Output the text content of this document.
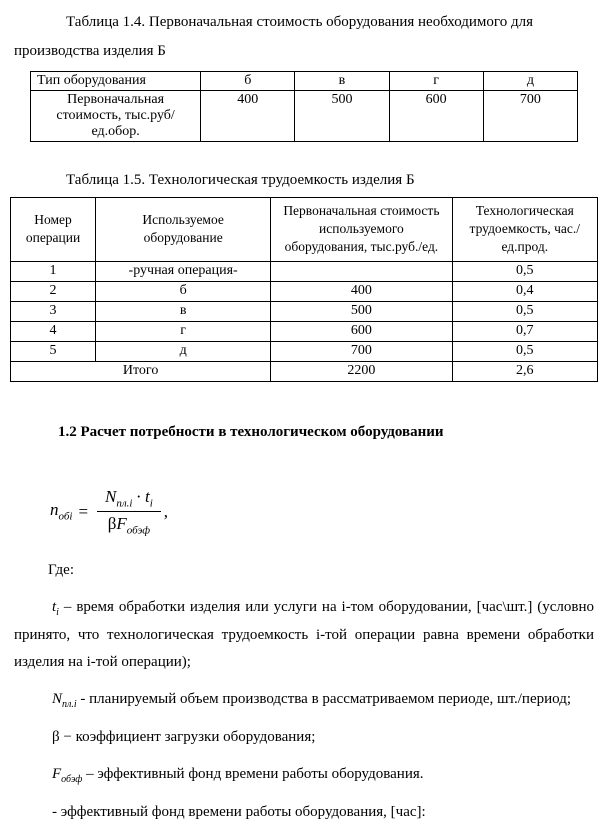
Таблица 1.4. Первоначальная стоимость оборудования необходимого для производства изделия Б

Тип оборудования	б	в	г	д
Первоначальная стоимость, тыс.руб/ед.обор.	400	500	600	700

Таблица 1.5. Технологическая трудоемкость изделия Б

Номер операции	Используемое оборудование	Первоначальная стоимость используемого оборудования, тыс.руб./ед.	Технологическая трудоемкость, час./ед.прод.
1	-ручная операция-		0,5
2	б	400	0,4
3	в	500	0,5
4	г	600	0,7
5	д	700	0,5
Итого		2200	2,6

1.2 Расчет потребности в технологическом оборудовании

$n_{обi} = \frac{N_{пл.i} \cdot t_i}{\beta F_{обэф}}$ ,

Где:

$t_i$ – время обработки изделия или услуги на i-том оборудовании, [час\шт.] (условно принято, что технологическая трудоемкость i-той операции равна времени обработки изделия на i-той операции);

$N_{пл.i}$ - планируемый объем производства в рассматриваемом периоде, шт./период;

β − коэффициент загрузки оборудования;

$F_{обэф}$ – эффективный фонд времени работы оборудования.

- эффективный фонд времени работы оборудования, [час]:
